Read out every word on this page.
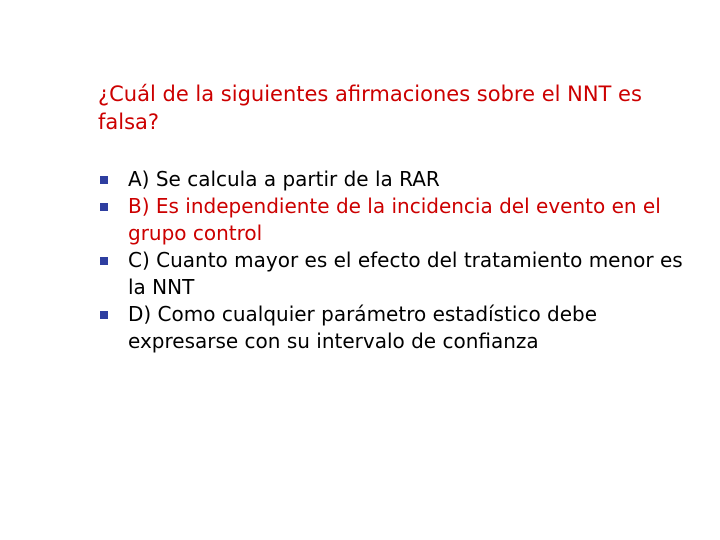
¿Cuál de la siguientes afirmaciones sobre el NNT es falsa?

A) Se calcula a partir de la RAR
B) Es independiente de la incidencia del evento en el grupo control
C) Cuanto mayor es el efecto del tratamiento menor es la NNT
D) Como cualquier parámetro estadístico debe expresarse con su intervalo de confianza
